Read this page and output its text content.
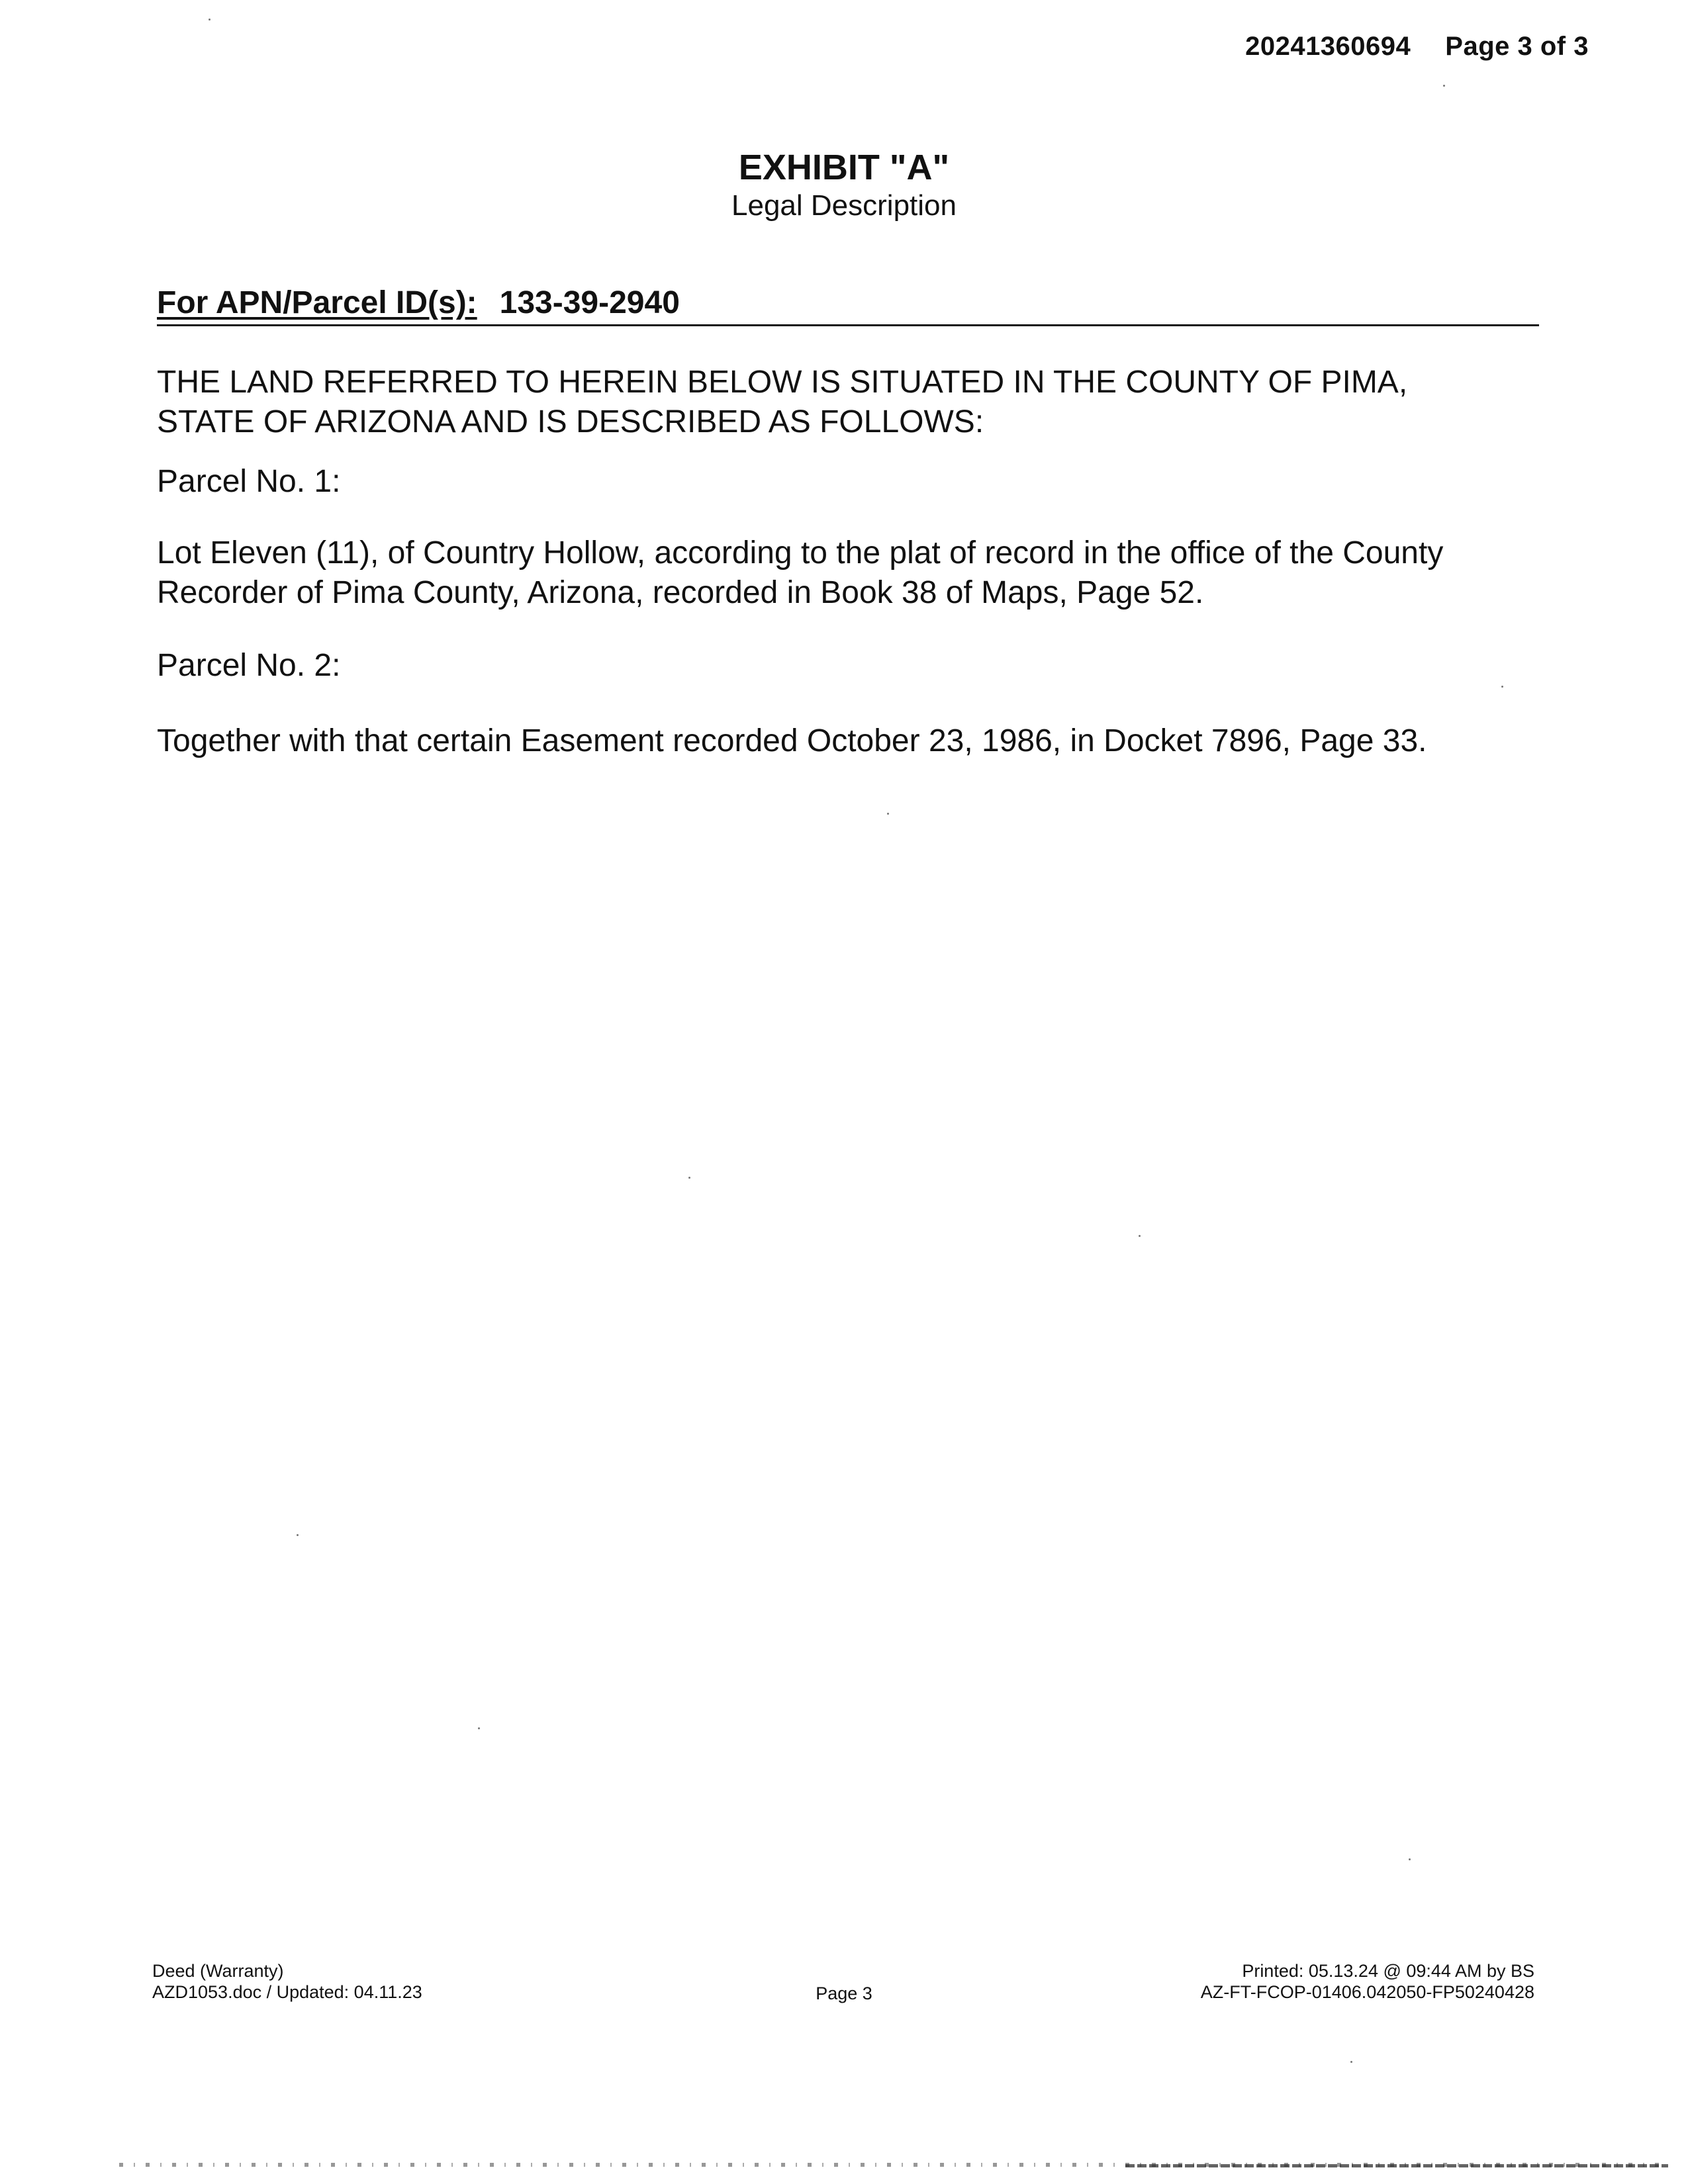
20241360694 Page 3 of 3
EXHIBIT "A"
Legal Description
For APN/Parcel ID(s): 133-39-2940
THE LAND REFERRED TO HEREIN BELOW IS SITUATED IN THE COUNTY OF PIMA,
STATE OF ARIZONA AND IS DESCRIBED AS FOLLOWS:
Parcel No. 1:
Lot Eleven (11), of Country Hollow, according to the plat of record in the office of the County
Recorder of Pima County, Arizona, recorded in Book 38 of Maps, Page 52.
Parcel No. 2:
Together with that certain Easement recorded October 23, 1986, in Docket 7896, Page 33.
Deed (Warranty)
AZD1053.doc / Updated: 04.11.23	Page 3
Printed: 05.13.24 @ 09:44 AM by BS
AZ-FT-FCOP-01406.042050-FP50240428
